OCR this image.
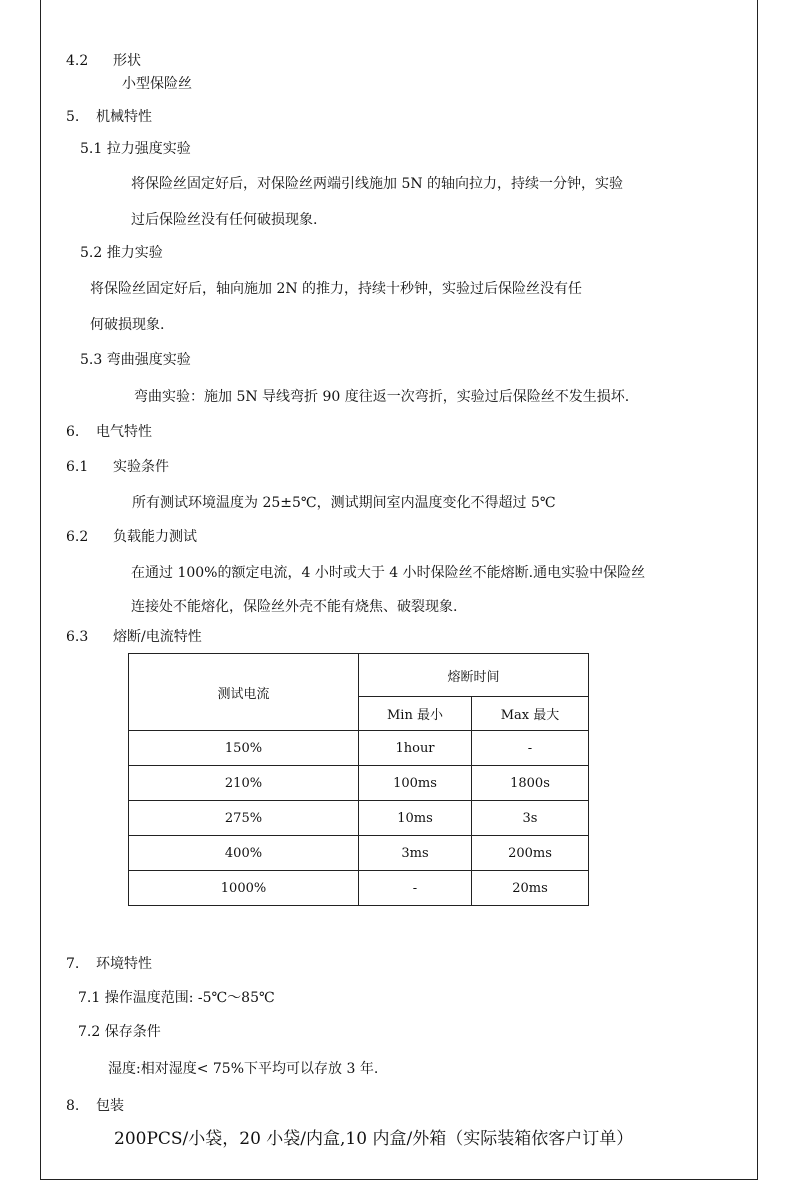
4.2 形状
小型保险丝
5. 机械特性
5.1 拉力强度实验
将保险丝固定好后，对保险丝两端引线施加 5N 的轴向拉力，持续一分钟，实验
过后保险丝没有任何破损现象.
5.2 推力实验
将保险丝固定好后，轴向施加 2N 的推力，持续十秒钟，实验过后保险丝没有任
何破损现象.
5.3 弯曲强度实验
弯曲实验：施加 5N 导线弯折 90 度往返一次弯折，实验过后保险丝不发生损坏.
6. 电气特性
6.1 实验条件
所有测试环境温度为 25±5℃，测试期间室内温度变化不得超过 5℃
6.2 负载能力测试
在通过 100%的额定电流，4 小时或大于 4 小时保险丝不能熔断.通电实验中保险丝
连接处不能熔化，保险丝外壳不能有烧焦、破裂现象.
6.3 熔断/电流特性
测试电流	熔断时间	
	Min 最小	Max 最大
150%	1hour	-
210%	100ms	1800s
275%	10ms	3s
400%	3ms	200ms
1000%	-	20ms
7. 环境特性
7.1 操作温度范围: -5℃～85℃
7.2 保存条件
湿度:相对湿度< 75%下平均可以存放 3 年.
8. 包装
200PCS/小袋，20 小袋/内盒,10 内盒/外箱（实际装箱依客户订单）
